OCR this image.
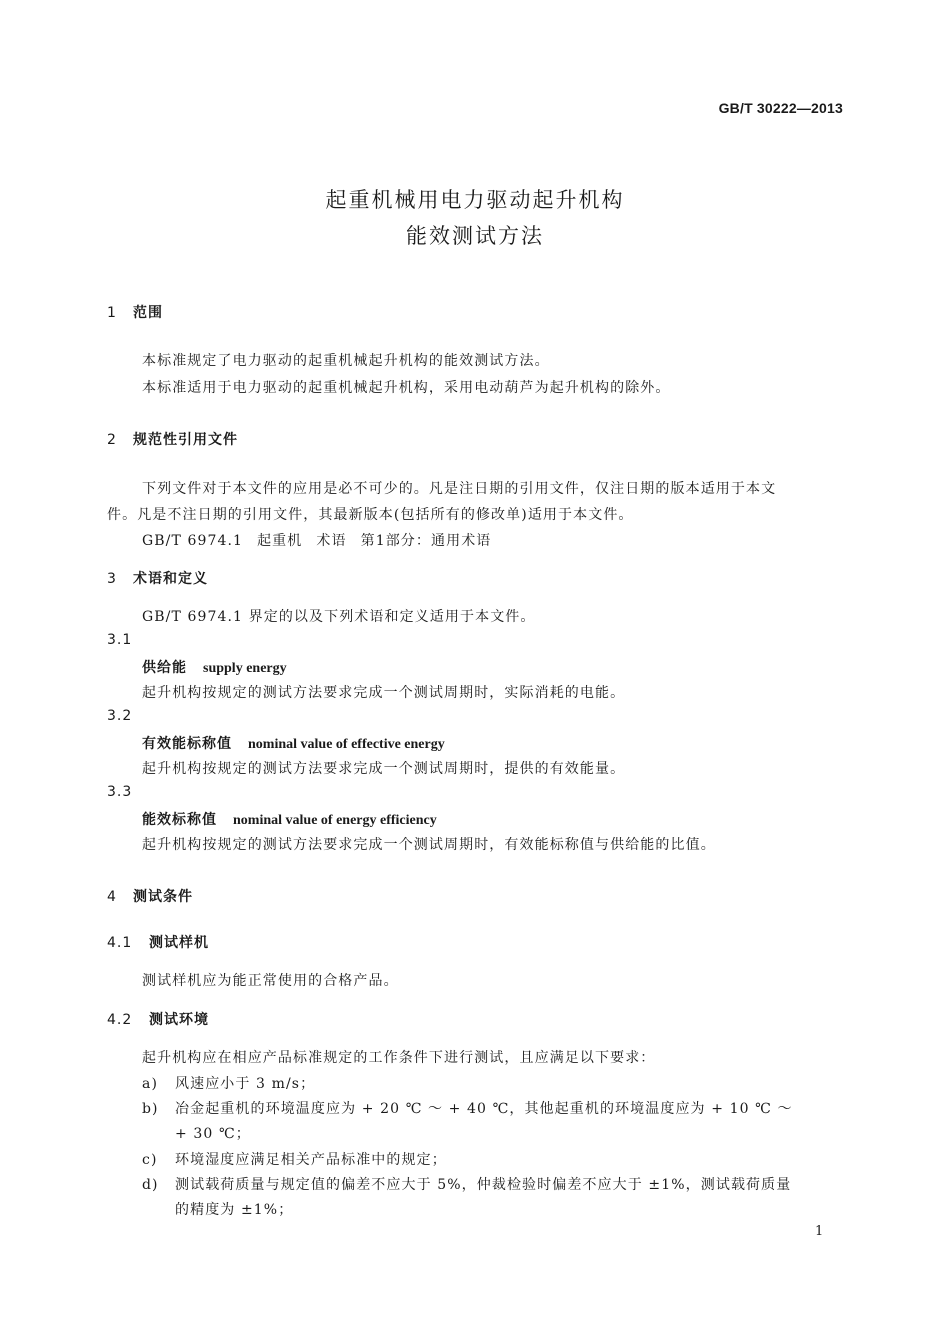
GB/T 30222—2013
起重机械用电力驱动起升机构
能效测试方法
1 范围
本标准规定了电力驱动的起重机械起升机构的能效测试方法。
本标准适用于电力驱动的起重机械起升机构，采用电动葫芦为起升机构的除外。
2 规范性引用文件
下列文件对于本文件的应用是必不可少的。凡是注日期的引用文件，仅注日期的版本适用于本文
件。凡是不注日期的引用文件，其最新版本(包括所有的修改单)适用于本文件。
GB/T 6974.1 起重机 术语 第1部分：通用术语
3 术语和定义
GB/T 6974.1 界定的以及下列术语和定义适用于本文件。
3.1
供给能 supply energy
起升机构按规定的测试方法要求完成一个测试周期时，实际消耗的电能。
3.2
有效能标称值 nominal value of effective energy
起升机构按规定的测试方法要求完成一个测试周期时，提供的有效能量。
3.3
能效标称值 nominal value of energy efficiency
起升机构按规定的测试方法要求完成一个测试周期时，有效能标称值与供给能的比值。
4 测试条件
4.1 测试样机
测试样机应为能正常使用的合格产品。
4.2 测试环境
起升机构应在相应产品标准规定的工作条件下进行测试，且应满足以下要求：
a) 风速应小于 3 m/s；
b) 冶金起重机的环境温度应为 + 20 ℃ ～ + 40 ℃，其他起重机的环境温度应为 + 10 ℃ ～
+ 30 ℃；
c) 环境湿度应满足相关产品标准中的规定；
d) 测试载荷质量与规定值的偏差不应大于 5%，仲裁检验时偏差不应大于 ±1%，测试载荷质量
的精度为 ±1%；
1
